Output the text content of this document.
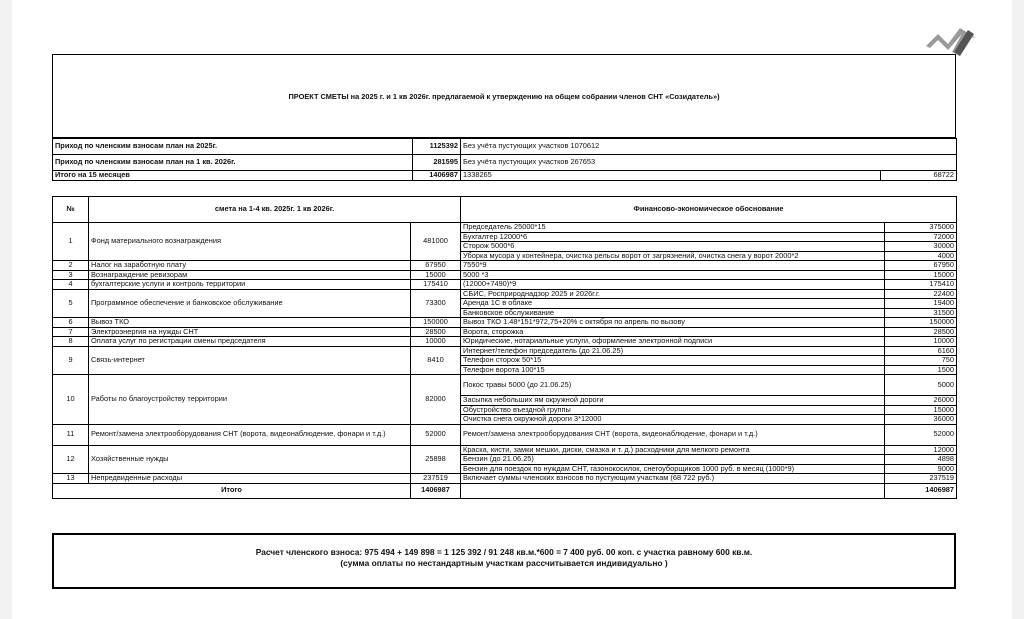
ПРОЕКТ СМЕТЫ на 2025 г. и 1 кв 2026г. предлагаемой к утверждению на общем собрании членов СНТ «Созидатель»)
Приход по членским взносам план на 2025г.	1125392	Без учёта пустующих участков 1070612	
Приход по членским взносам план на 1 кв. 2026г.	281595	Без учёта пустующих участков 267653	
Итого на 15 месяцев	1406987	1338265	68722
№	смета на 1-4 кв. 2025г. 1 кв 2026г.		Финансово-экономическое обоснование	
1	Фонд материального вознаграждения	481000	Председатель 25000*15	375000
			Бухгалтер 12000*6	72000
			Сторож 5000*6	30000
			Уборка мусора у контейнера, очистка рельсы ворот от загрязнений, очистка снега у ворот 2000*2	4000
2	Налог на заработную плату	67950	7550*9	67950
3	Вознаграждение ревизорам	15000	5000 *3	15000
4	бухгалтерские услуги и контроль территории	175410	(12000+7490)*9	175410
5	Программное обеспечение и банковское обслуживание	73300	СБИС, Росприроднадзор 2025 и 2026г.г.	22400
			Аренда 1С в облаке	19400
			Банковское обслуживание	31500
6	Вывоз ТКО	150000	Вывоз ТКО 1.48*151*972,75+20% с октября по апрель по вызову	150000
7	Электроэнергия на нужды СНТ	28500	Ворота, сторожка	28500
8	Оплата услуг по регистрации смены председателя	10000	Юридические, нотариальные услуги, оформление электронной подписи	10000
9	Связь-интернет	8410	Интернет/телефон председатель (до 21.06.25)	6160
			Телефон сторож 50*15	750
			Телефон ворота 100*15	1500
10	Работы по благоустройству территории	82000	Покос травы 5000 (до 21.06.25)	5000
			Засыпка небольших ям окружной дороги	26000
			Обустройство въездной группы	15000
			Очистка снега окружной дороги 3*12000	36000
11	Ремонт/замена электрооборудования СНТ (ворота, видеонаблюдение, фонари и т.д.)	52000	Ремонт/замена электрооборудования СНТ (ворота, видеонаблюдение, фонари и т.д.)	52000
12	Хозяйственные нужды	25898	Краска, кисти, замки мешки, диски, смазка и т. д.) расходники для мелкого ремонта	12000
			Бензин (до 21.06.25)	4898
			Бензин для поездок по нуждам СНТ, газонокосилок, снегоуборщиков 1000 руб. в месяц (1000*9)	9000
13	Непредвиденные расходы	237519	Включает суммы членских взносов по пустующим участкам (68 722 руб.)	237519
Итого		1406987		1406987
Расчет членского взноса: 975 494 + 149 898 = 1 125 392 / 91 248 кв.м.*600 = 7 400 руб. 00 коп. с участка равному 600 кв.м.
(сумма оплаты по нестандартным участкам рассчитывается индивидуально )
